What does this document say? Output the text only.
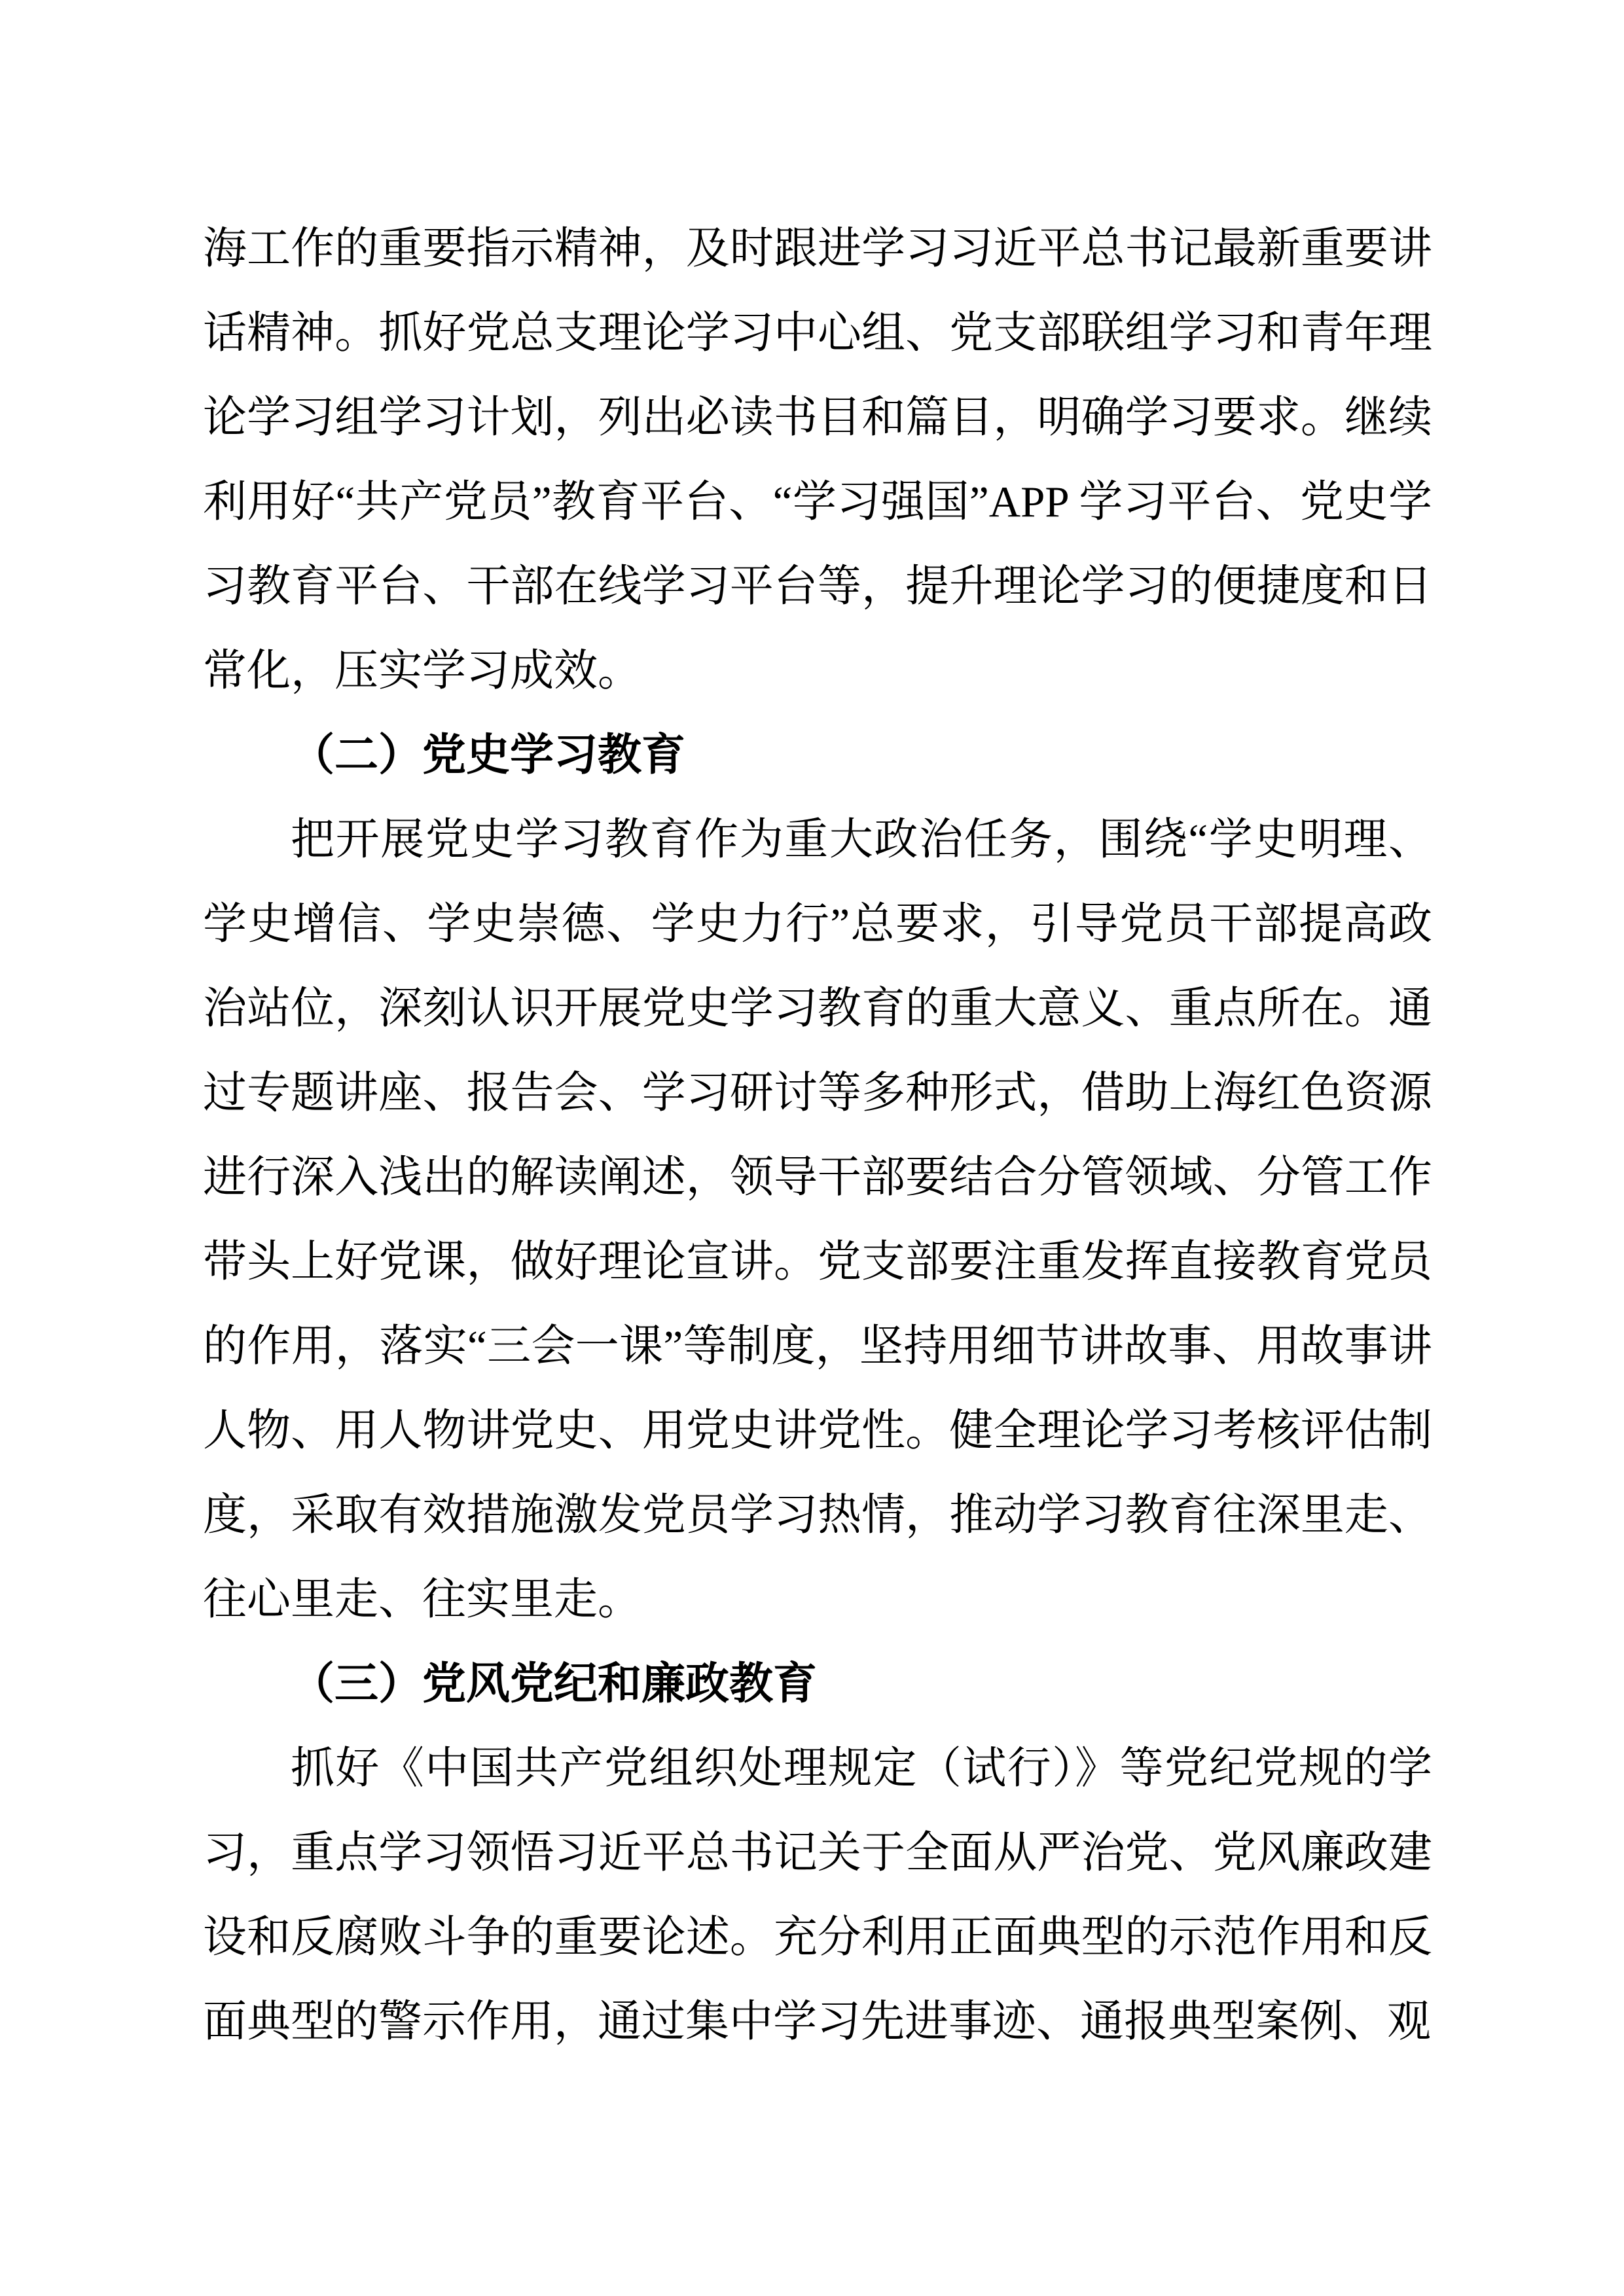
海工作的重要指示精神，及时跟进学习习近平总书记最新重要讲话精神。抓好党总支理论学习中心组、党支部联组学习和青年理论学习组学习计划，列出必读书目和篇目，明确学习要求。继续利用好“共产党员”教育平台、“学习强国”APP 学习平台、党史学习教育平台、干部在线学习平台等，提升理论学习的便捷度和日常化，压实学习成效。

（二）党史学习教育

把开展党史学习教育作为重大政治任务，围绕“学史明理、学史增信、学史崇德、学史力行”总要求，引导党员干部提高政治站位，深刻认识开展党史学习教育的重大意义、重点所在。通过专题讲座、报告会、学习研讨等多种形式，借助上海红色资源进行深入浅出的解读阐述，领导干部要结合分管领域、分管工作带头上好党课，做好理论宣讲。党支部要注重发挥直接教育党员的作用，落实“三会一课”等制度，坚持用细节讲故事、用故事讲人物、用人物讲党史、用党史讲党性。健全理论学习考核评估制度，采取有效措施激发党员学习热情，推动学习教育往深里走、往心里走、往实里走。

（三）党风党纪和廉政教育

抓好《中国共产党组织处理规定（试行）》等党纪党规的学习，重点学习领悟习近平总书记关于全面从严治党、党风廉政建设和反腐败斗争的重要论述。充分利用正面典型的示范作用和反面典型的警示作用，通过集中学习先进事迹、通报典型案例、观
